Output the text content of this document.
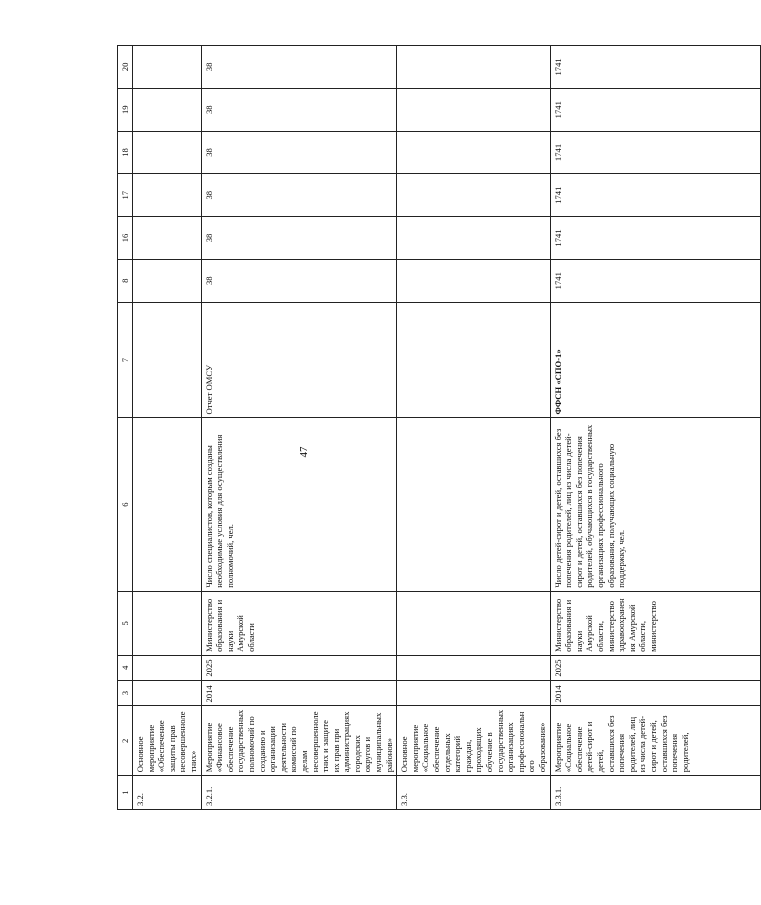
47
1	2	3	4	5	6	7	8	16	17	18	19	20
3.2.	Основное мероприятие «Обеспечение защиты прав несовершеннолетних»											
3.2.1.	Мероприятие «Финансовое обеспечение государственных полномочий по созданию и организации деятельности комиссий по делам несовершеннолетних и защите их прав при администрациях городских округов и муниципальных районов»	2014	2025	Министерство образования и науки Амурской области	Число специалистов, которым созданы необходимые условия для осуществления полномочий, чел.	Отчет ОМСУ	38	38	38	38	38	38
3.3.	Основное мероприятие «Социальное обеспечение отдельных категорий граждан, проходящих обучение в государственных организациях профессионального образования»											
3.3.1.	Мероприятие «Социальное обеспечение детей-сирот и детей, оставшихся без попечения родителей, лиц из числа детей-сирот и детей, оставшихся без попечения родителей,	2014	2025	Министерство образования и науки Амурской области, министерство здравоохранения Амурской области, министерство	Число детей-сирот и детей, оставшихся без попечения родителей, лиц из числа детей-сирот и детей, оставшихся без попечения родителей, обучающихся в государственных организациях профессионального образования, получающих социальную поддержку, чел.	ФФСН «СПО-1»	1741	1741	1741	1741	1741	1741
